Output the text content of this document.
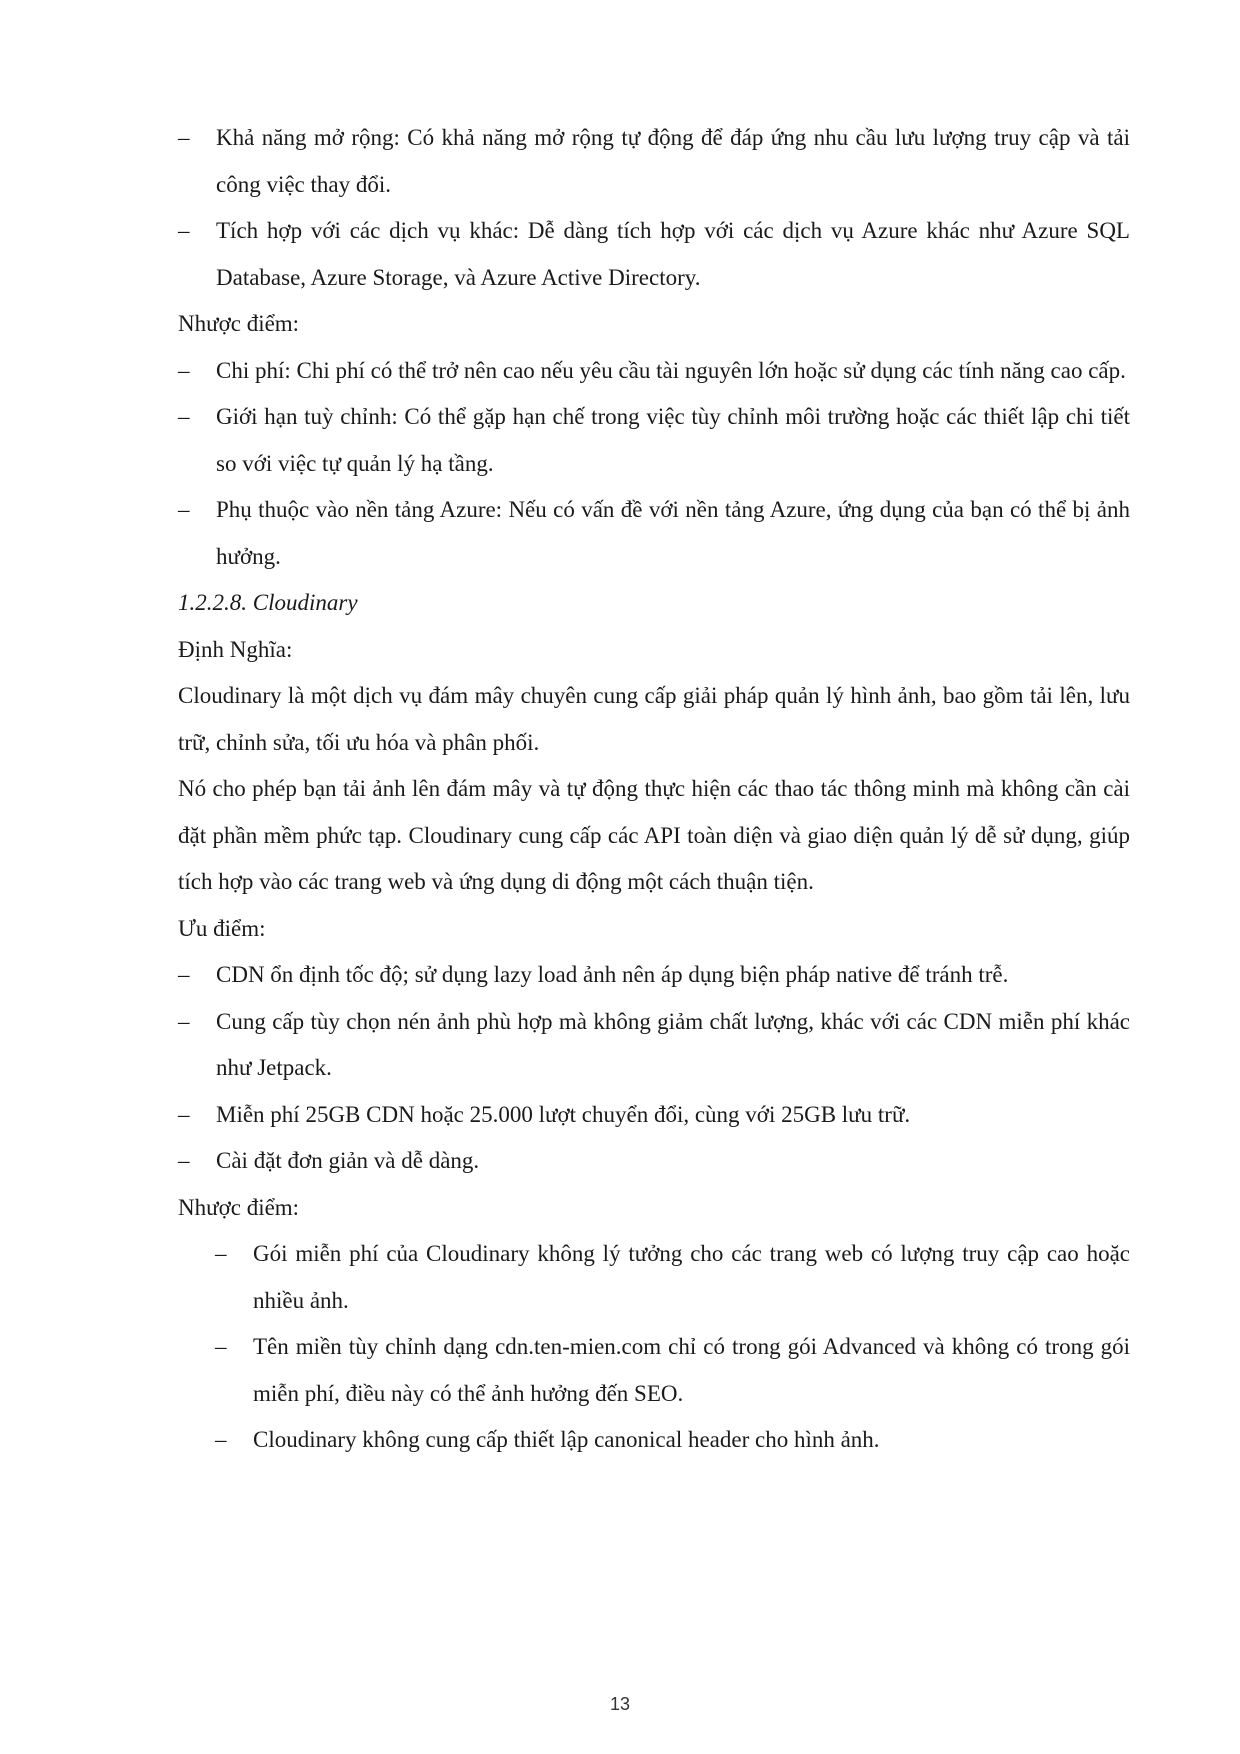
–	Khả năng mở rộng: Có khả năng mở rộng tự động để đáp ứng nhu cầu lưu lượng truy cập và tải công việc thay đổi.
–	Tích hợp với các dịch vụ khác: Dễ dàng tích hợp với các dịch vụ Azure khác như Azure SQL Database, Azure Storage, và Azure Active Directory.
Nhược điểm:
–	Chi phí: Chi phí có thể trở nên cao nếu yêu cầu tài nguyên lớn hoặc sử dụng các tính năng cao cấp.
–	Giới hạn tuỳ chỉnh: Có thể gặp hạn chế trong việc tùy chỉnh môi trường hoặc các thiết lập chi tiết so với việc tự quản lý hạ tầng.
–	Phụ thuộc vào nền tảng Azure: Nếu có vấn đề với nền tảng Azure, ứng dụng của bạn có thể bị ảnh hưởng.
1.2.2.8. Cloudinary
Định Nghĩa:
Cloudinary là một dịch vụ đám mây chuyên cung cấp giải pháp quản lý hình ảnh, bao gồm tải lên, lưu trữ, chỉnh sửa, tối ưu hóa và phân phối.
Nó cho phép bạn tải ảnh lên đám mây và tự động thực hiện các thao tác thông minh mà không cần cài đặt phần mềm phức tạp. Cloudinary cung cấp các API toàn diện và giao diện quản lý dễ sử dụng, giúp tích hợp vào các trang web và ứng dụng di động một cách thuận tiện.
Ưu điểm:
–	CDN ổn định tốc độ; sử dụng lazy load ảnh nên áp dụng biện pháp native để tránh trễ.
–	Cung cấp tùy chọn nén ảnh phù hợp mà không giảm chất lượng, khác với các CDN miễn phí khác như Jetpack.
–	Miễn phí 25GB CDN hoặc 25.000 lượt chuyển đổi, cùng với 25GB lưu trữ.
–	Cài đặt đơn giản và dễ dàng.
Nhược điểm:
–	Gói miễn phí của Cloudinary không lý tưởng cho các trang web có lượng truy cập cao hoặc nhiều ảnh.
–	Tên miền tùy chỉnh dạng cdn.ten-mien.com chỉ có trong gói Advanced và không có trong gói miễn phí, điều này có thể ảnh hưởng đến SEO.
–	Cloudinary không cung cấp thiết lập canonical header cho hình ảnh.
13
